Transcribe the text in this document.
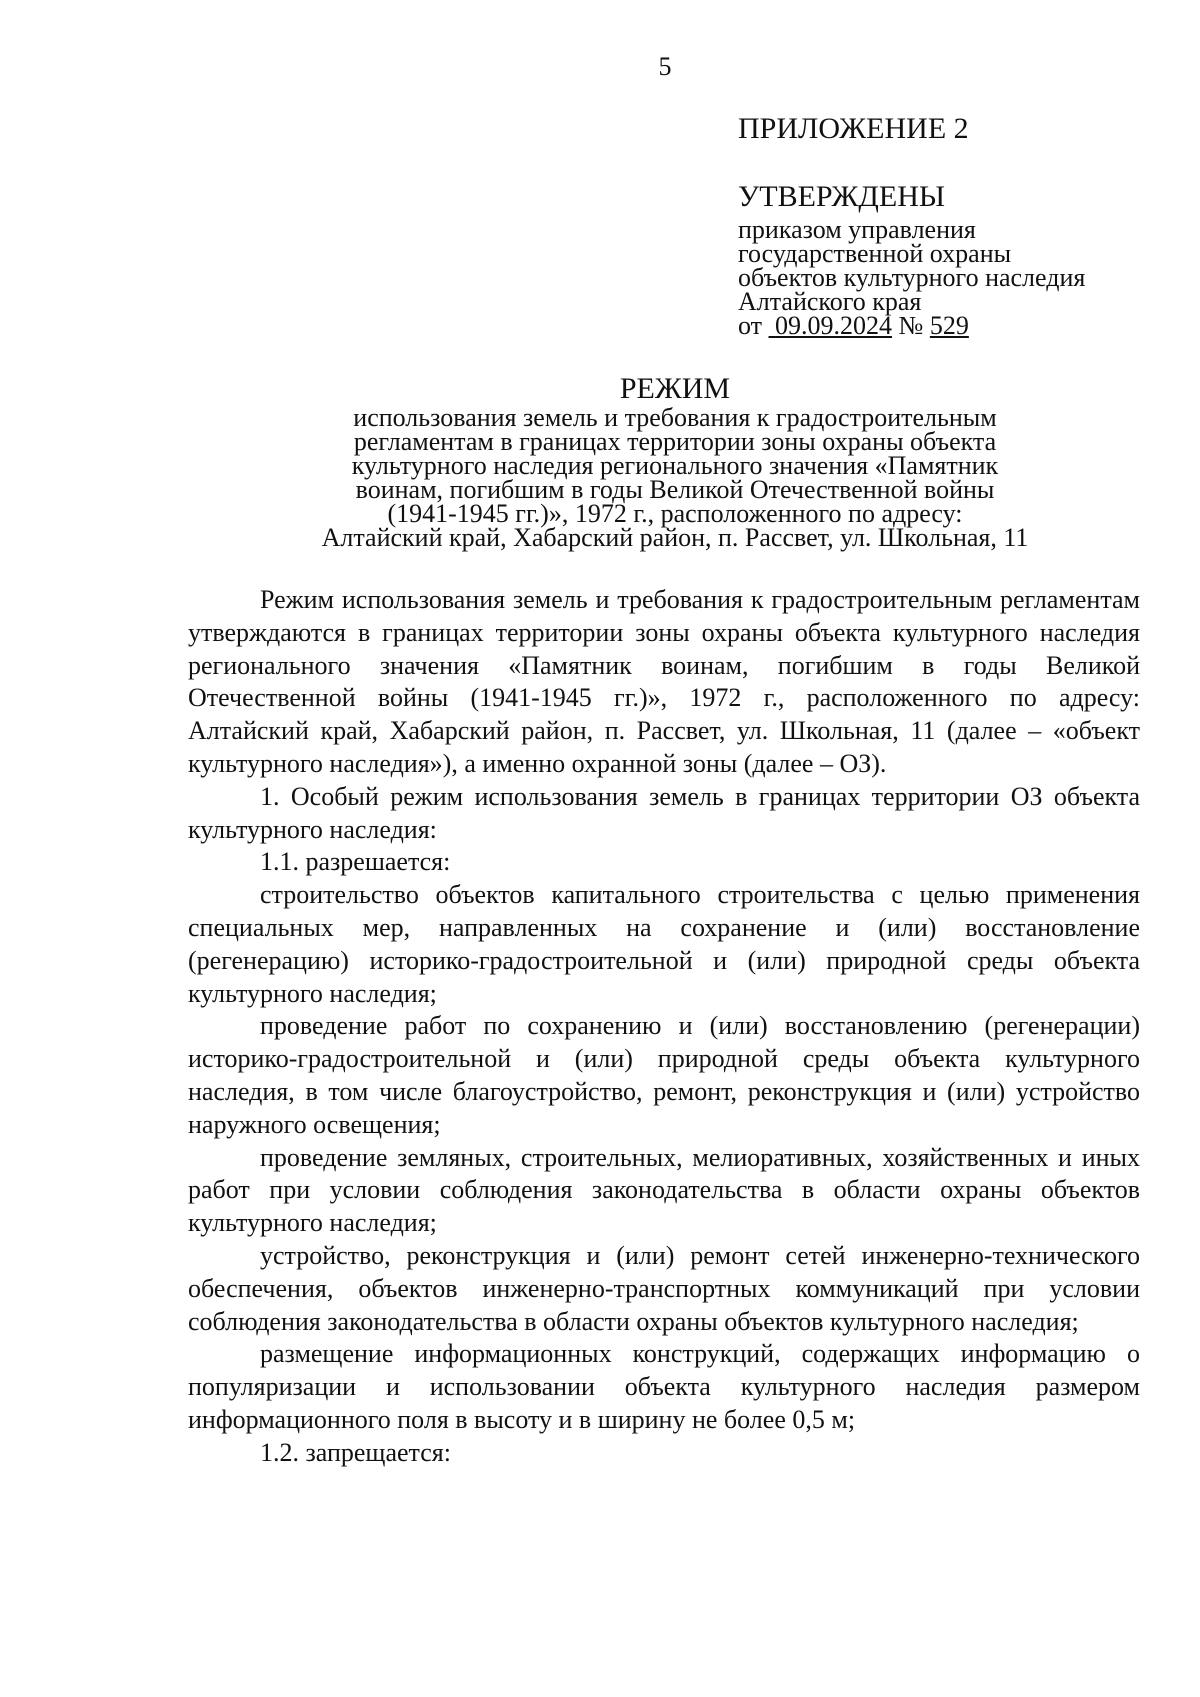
5
ПРИЛОЖЕНИЕ 2
УТВЕРЖДЕНЫ
приказом управления
государственной охраны
объектов культурного наследия
Алтайского края
от 09.09.2024 № 529
РЕЖИМ
использования земель и требования к градостроительным
регламентам в границах территории зоны охраны объекта
культурного наследия регионального значения «Памятник
воинам, погибшим в годы Великой Отечественной войны
(1941-1945 гг.)», 1972 г., расположенного по адресу:
Алтайский край, Хабарский район, п. Рассвет, ул. Школьная, 11

Режим использования земель и требования к градостроительным регламентам утверждаются в границах территории зоны охраны объекта культурного наследия регионального значения «Памятник воинам, погибшим в годы Великой Отечественной войны (1941-1945 гг.)», 1972 г., расположенного по адресу: Алтайский край, Хабарский район, п. Рассвет, ул. Школьная, 11 (далее – «объект культурного наследия»), а именно охранной зоны (далее – ОЗ).

1. Особый режим использования земель в границах территории ОЗ объекта культурного наследия:

1.1. разрешается:

строительство объектов капитального строительства с целью применения специальных мер, направленных на сохранение и (или) восстановление (регенерацию) историко-градостроительной и (или) природной среды объекта культурного наследия;

проведение работ по сохранению и (или) восстановлению (регенерации) историко-градостроительной и (или) природной среды объекта культурного наследия, в том числе благоустройство, ремонт, реконструкция и (или) устройство наружного освещения;

проведение земляных, строительных, мелиоративных, хозяйственных и иных работ при условии соблюдения законодательства в области охраны объектов культурного наследия;

устройство, реконструкция и (или) ремонт сетей инженерно-технического обеспечения, объектов инженерно-транспортных коммуникаций при условии соблюдения законодательства в области охраны объектов культурного наследия;

размещение информационных конструкций, содержащих информацию о популяризации и использовании объекта культурного наследия размером информационного поля в высоту и в ширину не более 0,5 м;

1.2. запрещается:
